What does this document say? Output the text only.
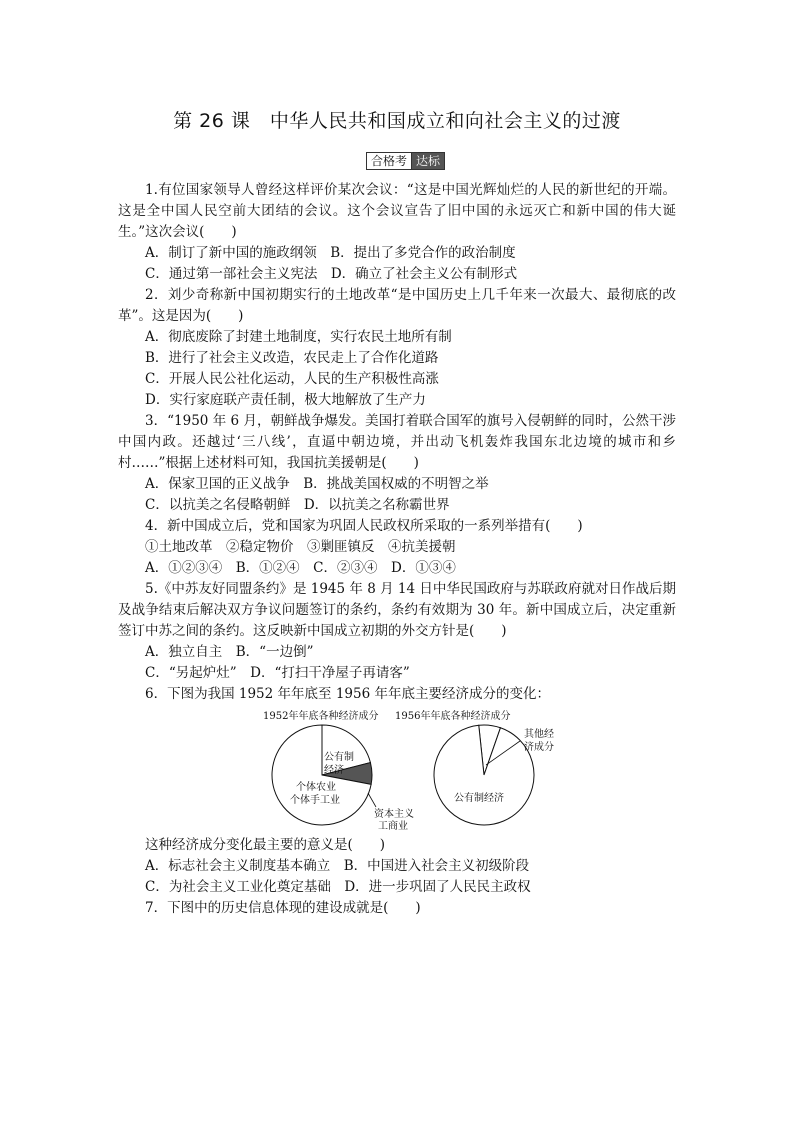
第 26 课　中华人民共和国成立和向社会主义的过渡
合格考 达标

1.有位国家领导人曾经这样评价某次会议：“这是中国光辉灿烂的人民的新世纪的开端。这是全中国人民空前大团结的会议。这个会议宣告了旧中国的永远灭亡和新中国的伟大诞生。”这次会议(　　)

A．制订了新中国的施政纲领　B．提出了多党合作的政治制度

C．通过第一部社会主义宪法　D．确立了社会主义公有制形式

2．刘少奇称新中国初期实行的土地改革“是中国历史上几千年来一次最大、最彻底的改革”。这是因为(　　)

A．彻底废除了封建土地制度，实行农民土地所有制

B．进行了社会主义改造，农民走上了合作化道路

C．开展人民公社化运动，人民的生产积极性高涨

D．实行家庭联产责任制，极大地解放了生产力

3．“1950 年 6 月，朝鲜战争爆发。美国打着联合国军的旗号入侵朝鲜的同时，公然干涉中国内政。还越过‘三八线’，直逼中朝边境，并出动飞机轰炸我国东北边境的城市和乡村……”根据上述材料可知，我国抗美援朝是(　　)

A．保家卫国的正义战争　B．挑战美国权威的不明智之举

C．以抗美之名侵略朝鲜　D．以抗美之名称霸世界

4．新中国成立后，党和国家为巩固人民政权所采取的一系列举措有(　　)

①土地改革　②稳定物价　③剿匪镇反　④抗美援朝

A．①②③④　B．①②④　C．②③④　D．①③④

5.《中苏友好同盟条约》是 1945 年 8 月 14 日中华民国政府与苏联政府就对日作战后期及战争结束后解决双方争议问题签订的条约，条约有效期为 30 年。新中国成立后，决定重新签订中苏之间的条约。这反映新中国成立初期的外交方针是(　　)

A．独立自主　B．“一边倒”

C．“另起炉灶”　D．“打扫干净屋子再请客”

6．下图为我国 1952 年年底至 1956 年年底主要经济成分的变化：

1952年年底各种经济成分
公有制
经济
个体农业
个体手工业
资本主义
工商业
1956年年底各种经济成分
其他经
济成分
公有制经济

这种经济成分变化最主要的意义是(　　)

A．标志社会主义制度基本确立　B．中国进入社会主义初级阶段

C．为社会主义工业化奠定基础　D．进一步巩固了人民民主政权

7．下图中的历史信息体现的建设成就是(　　)
